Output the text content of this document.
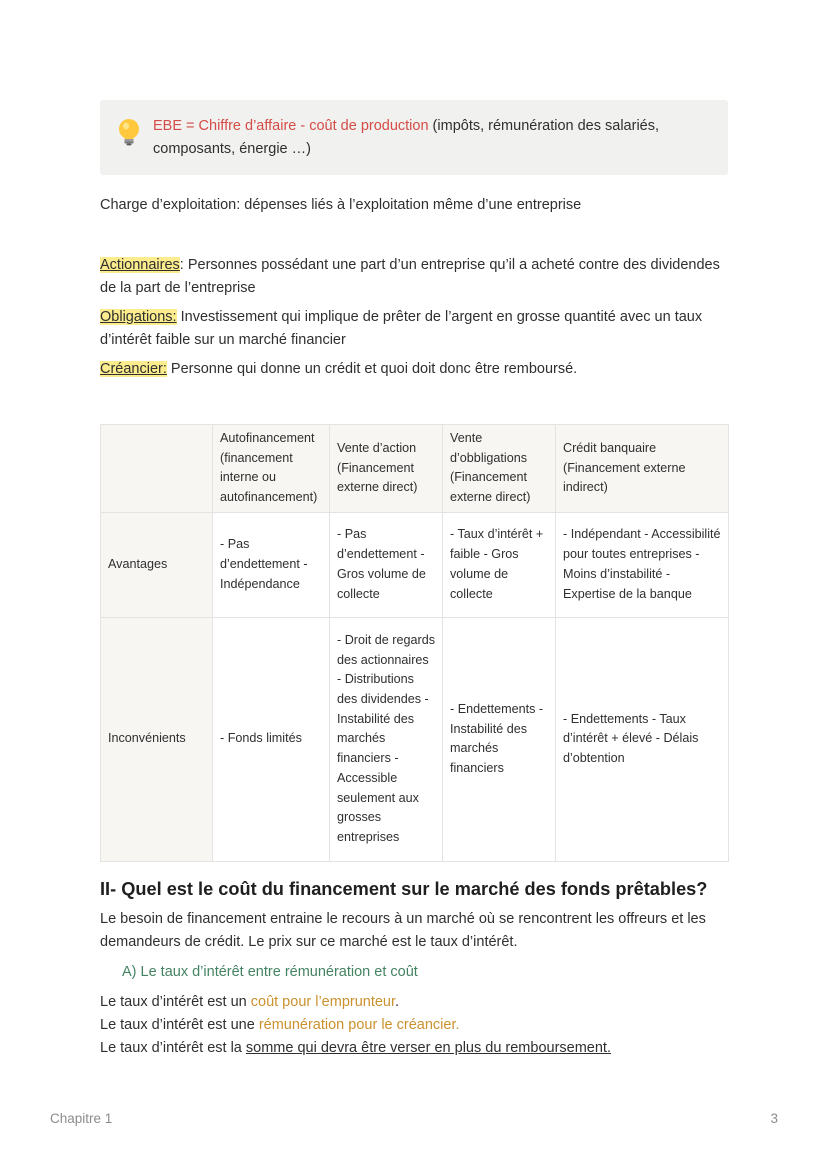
EBE = Chiffre d’affaire - coût de production (impôts, rémunération des salariés, composants, énergie …)
Charge d’exploitation: dépenses liés à l’exploitation même d’une entreprise
Actionnaires: Personnes possédant une part d’un entreprise qu’il a acheté contre des dividendes de la part de l’entreprise
Obligations: Investissement qui implique de prêter de l’argent en grosse quantité avec un taux d’intérêt faible sur un marché financier
Créancier: Personne qui donne un crédit et quoi doit donc être remboursé.
	Autofinancement (financement interne ou autofinancement)	Vente d’action (Financement externe direct)	Vente d’obbligations (Financement externe direct)	Crédit banquaire (Financement externe indirect)
Avantages	- Pas d’endettement - Indépendance	- Pas d’endettement - Gros volume de collecte	- Taux d’intérêt + faible - Gros volume de collecte	- Indépendant - Accessibilité pour toutes entreprises - Moins d’instabilité - Expertise de la banque
Inconvénients	- Fonds limités	- Droit de regards des actionnaires - Distributions des dividendes - Instabilité des marchés financiers - Accessible seulement aux grosses entreprises	- Endettements - Instabilité des marchés financiers	- Endettements - Taux d’intérêt + élevé - Délais d’obtention
II- Quel est le coût du financement sur le marché des fonds prêtables?
Le besoin de financement entraine le recours à un marché où se rencontrent les offreurs et les demandeurs de crédit. Le prix sur ce marché est le taux d’intérêt.
A) Le taux d’intérêt entre rémunération et coût
Le taux d’intérêt est un coût pour l’emprunteur.
Le taux d’intérêt est une rémunération pour le créancier.
Le taux d’intérêt est la somme qui devra être verser en plus du remboursement.
Chapitre 1	3
